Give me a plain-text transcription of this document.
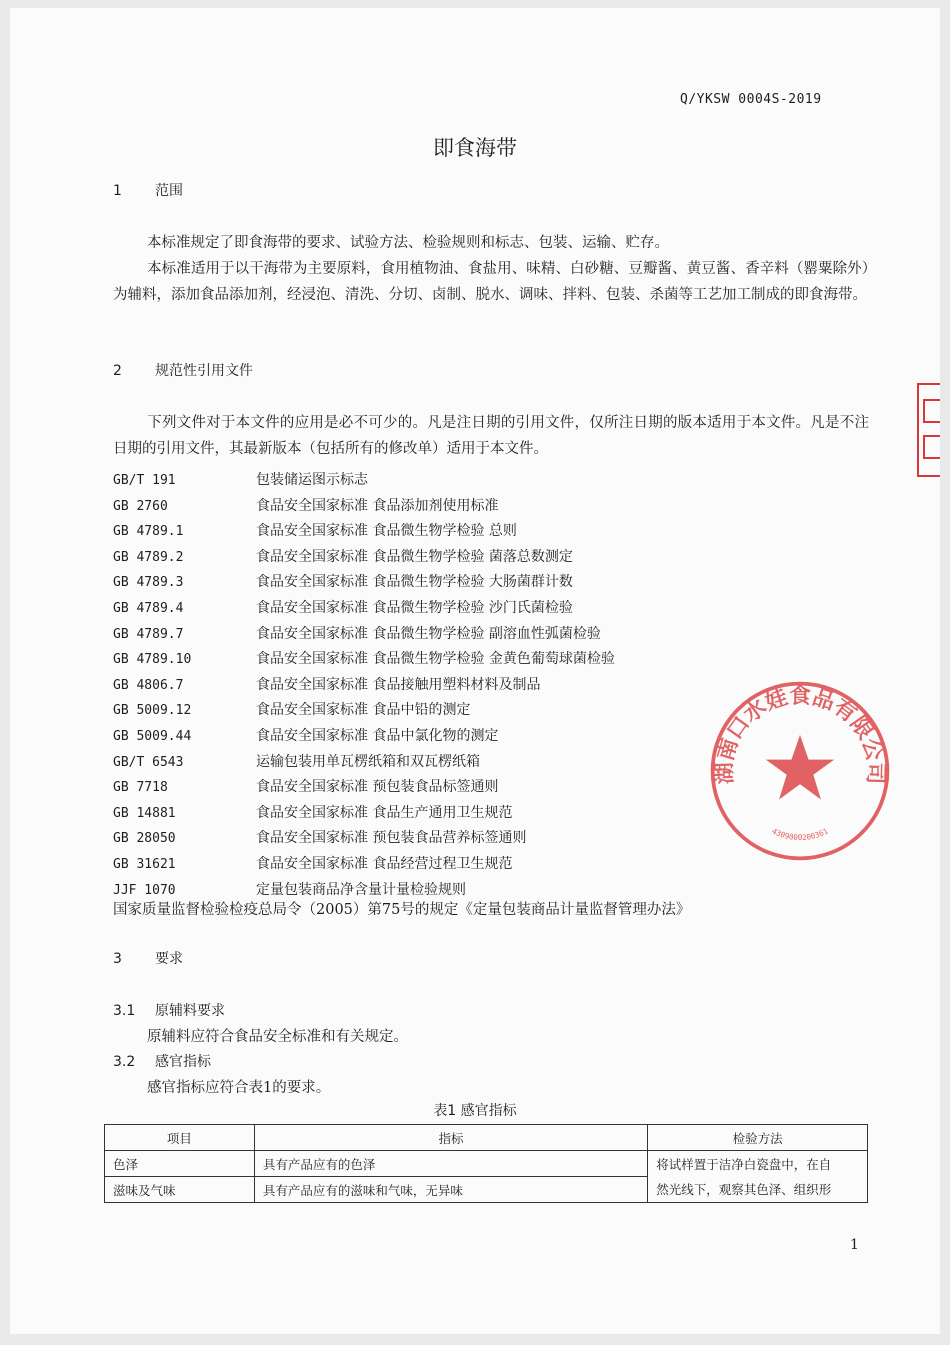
Q/YKSW 0004S-2019
即食海带
1 范围
本标准规定了即食海带的要求、试验方法、检验规则和标志、包装、运输、贮存。
本标准适用于以干海带为主要原料，食用植物油、食盐用、味精、白砂糖、豆瓣酱、黄豆酱、香辛料（罂粟除外）为辅料，添加食品添加剂，经浸泡、清洗、分切、卤制、脱水、调味、拌料、包装、杀菌等工艺加工制成的即食海带。
2 规范性引用文件
下列文件对于本文件的应用是必不可少的。凡是注日期的引用文件，仅所注日期的版本适用于本文件。凡是不注日期的引用文件，其最新版本（包括所有的修改单）适用于本文件。
GB/T 191	包装储运图示标志
GB 2760	食品安全国家标准 食品添加剂使用标准
GB 4789.1	食品安全国家标准 食品微生物学检验 总则
GB 4789.2	食品安全国家标准 食品微生物学检验 菌落总数测定
GB 4789.3	食品安全国家标准 食品微生物学检验 大肠菌群计数
GB 4789.4	食品安全国家标准 食品微生物学检验 沙门氏菌检验
GB 4789.7	食品安全国家标准 食品微生物学检验 副溶血性弧菌检验
GB 4789.10	食品安全国家标准 食品微生物学检验 金黄色葡萄球菌检验
GB 4806.7	食品安全国家标准 食品接触用塑料材料及制品
GB 5009.12	食品安全国家标准 食品中铅的测定
GB 5009.44	食品安全国家标准 食品中氯化物的测定
GB/T 6543	运输包装用单瓦楞纸箱和双瓦楞纸箱
GB 7718	食品安全国家标准 预包装食品标签通则
GB 14881	食品安全国家标准 食品生产通用卫生规范
GB 28050	食品安全国家标准 预包装食品营养标签通则
GB 31621	食品安全国家标准 食品经营过程卫生规范
JJF 1070	定量包装商品净含量计量检验规则
国家质量监督检验检疫总局令（2005）第75号的规定《定量包装商品计量监督管理办法》
3 要求
3.1 原辅料要求
原辅料应符合食品安全标准和有关规定。
3.2 感官指标
感官指标应符合表1的要求。
表1 感官指标
项目	指标	检验方法
色泽	具有产品应有的色泽	将试样置于洁净白瓷盘中，在自
然光线下，观察其色泽、组织形

滋味及气味	具有产品应有的滋味和气味，无异味	
1
湖南口水娃食品有限公司
4309000200361
